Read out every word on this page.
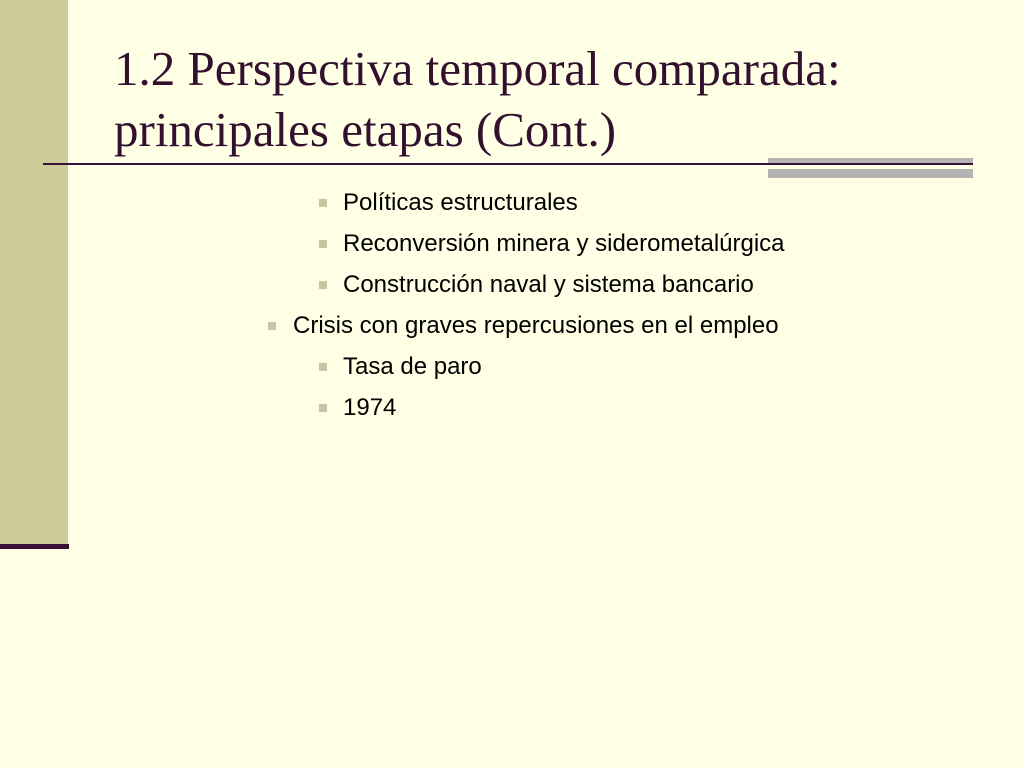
1.2 Perspectiva temporal comparada:
principales etapas (Cont.)
Políticas estructurales
Reconversión minera y siderometalúrgica
Construcción naval y sistema bancario
Crisis con graves repercusiones en el empleo
Tasa de paro
1974
